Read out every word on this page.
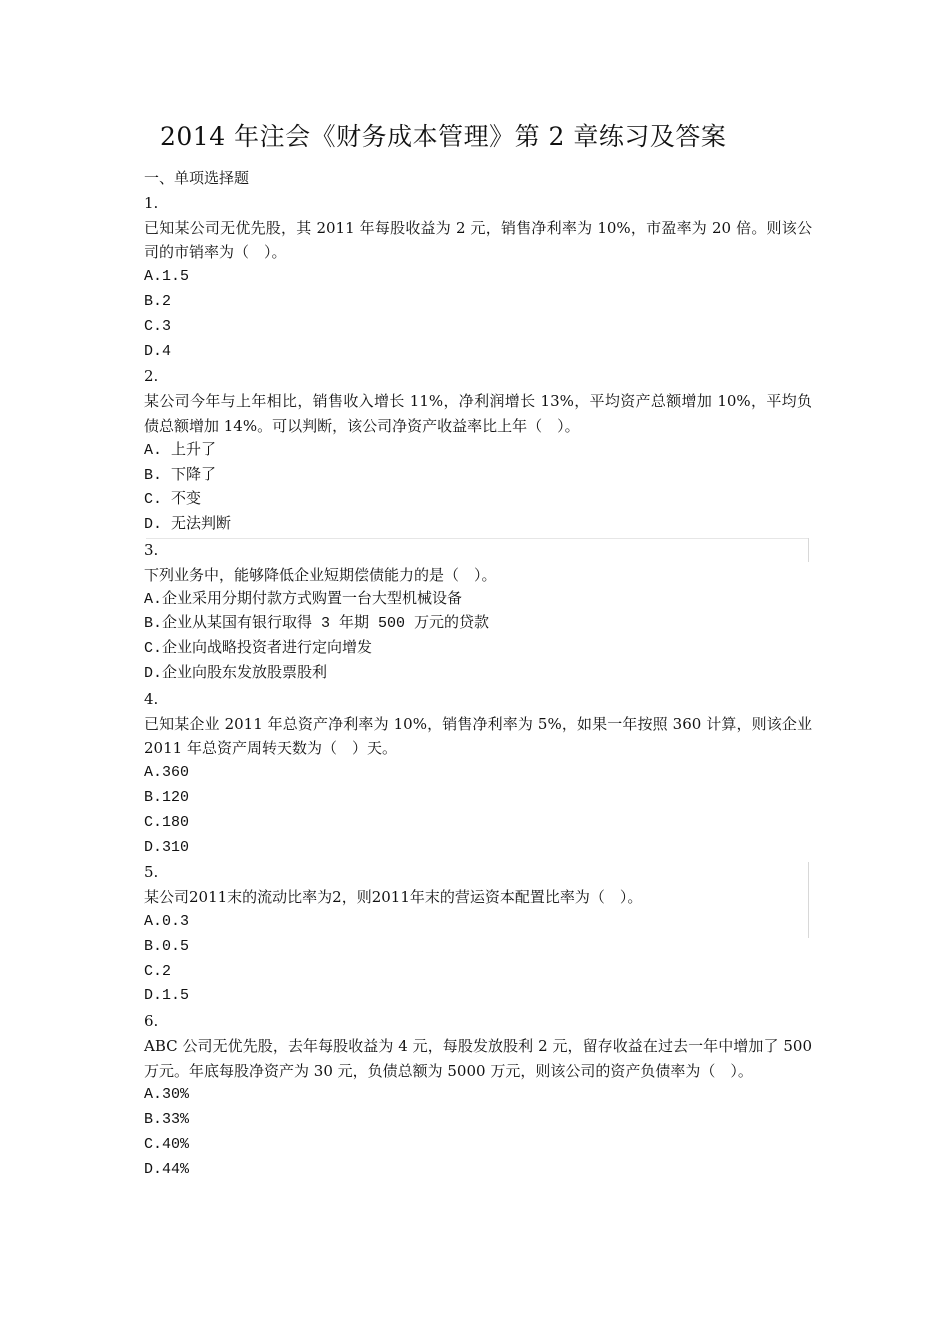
2014 年注会《财务成本管理》第 2 章练习及答案
一、单项选择题
1.
已知某公司无优先股，其 2011 年每股收益为 2 元，销售净利率为 10%，市盈率为 20 倍。则该公司的市销率为（　）。
A.1.5
B.2
C.3
D.4
2.
某公司今年与上年相比，销售收入增长 11%，净利润增长 13%，平均资产总额增加 10%，平均负债总额增加 14%。可以判断，该公司净资产收益率比上年（　）。
A. 上升了
B. 下降了
C. 不变
D. 无法判断
3.
下列业务中，能够降低企业短期偿债能力的是（　）。
A.企业采用分期付款方式购置一台大型机械设备
B.企业从某国有银行取得 3 年期 500 万元的贷款
C.企业向战略投资者进行定向增发
D.企业向股东发放股票股利
4.
已知某企业 2011 年总资产净利率为 10%，销售净利率为 5%，如果一年按照 360 计算，则该企业 2011 年总资产周转天数为（　）天。
A.360
B.120
C.180
D.310
5.
某公司2011末的流动比率为2，则2011年末的营运资本配置比率为（　）。
A.0.3
B.0.5
C.2
D.1.5
6.
ABC 公司无优先股，去年每股收益为 4 元，每股发放股利 2 元，留存收益在过去一年中增加了 500 万元。年底每股净资产为 30 元，负债总额为 5000 万元，则该公司的资产负债率为（　）。
A.30%
B.33%
C.40%
D.44%
